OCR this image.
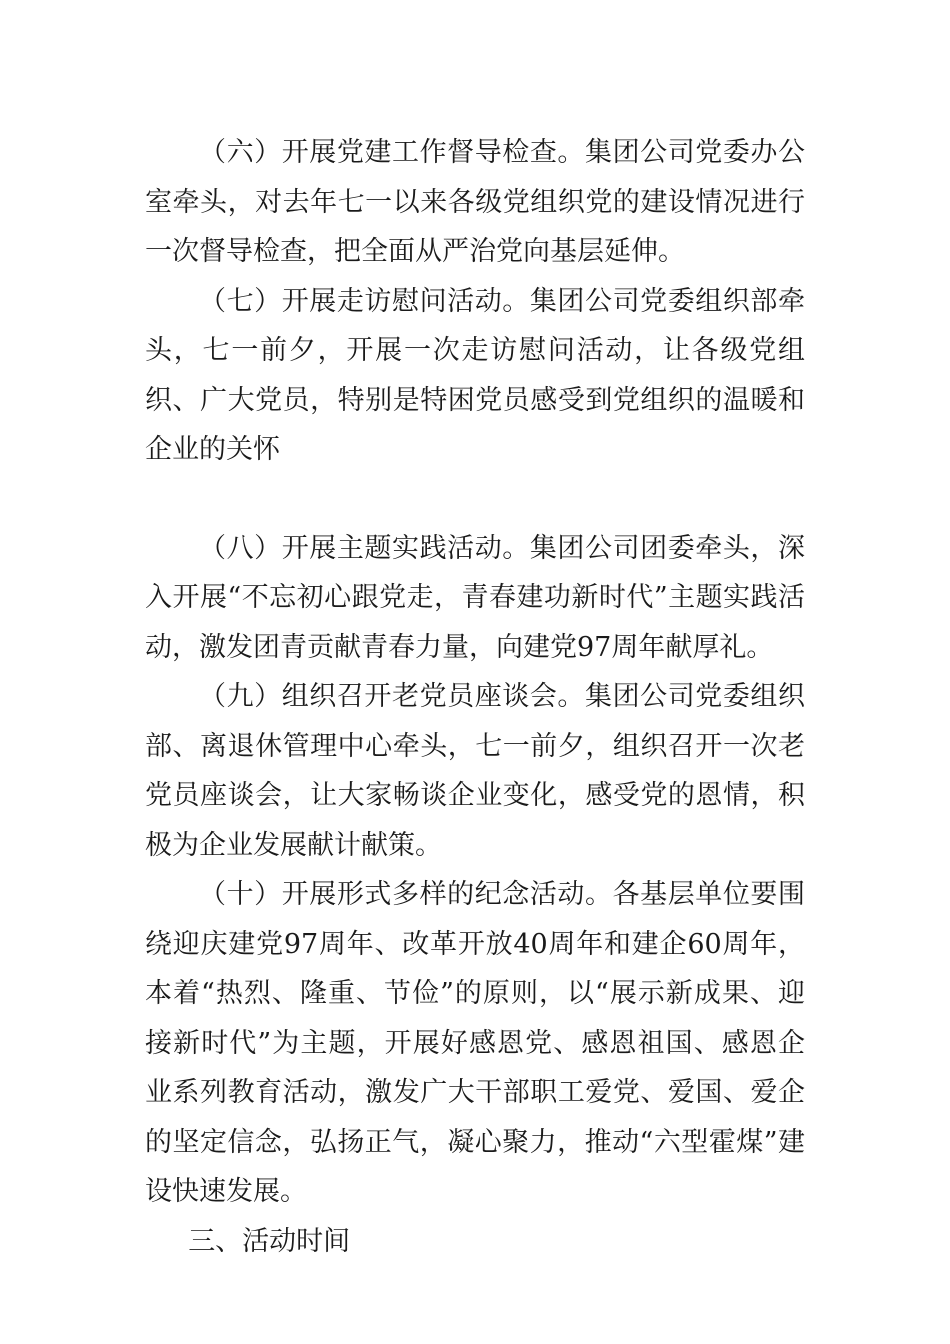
（六）开展党建工作督导检查。集团公司党委办公室牵头，对去年七一以来各级党组织党的建设情况进行一次督导检查，把全面从严治党向基层延伸。

（七）开展走访慰问活动。集团公司党委组织部牵头，七一前夕，开展一次走访慰问活动，让各级党组织、广大党员，特别是特困党员感受到党组织的温暖和企业的关怀

（八）开展主题实践活动。集团公司团委牵头，深入开展“不忘初心跟党走，青春建功新时代”主题实践活动，激发团青贡献青春力量，向建党97周年献厚礼。

（九）组织召开老党员座谈会。集团公司党委组织部、离退休管理中心牵头，七一前夕，组织召开一次老党员座谈会，让大家畅谈企业变化，感受党的恩情，积极为企业发展献计献策。

（十）开展形式多样的纪念活动。各基层单位要围绕迎庆建党97周年、改革开放40周年和建企60周年，本着“热烈、隆重、节俭”的原则，以“展示新成果、迎接新时代”为主题，开展好感恩党、感恩祖国、感恩企业系列教育活动，激发广大干部职工爱党、爱国、爱企的坚定信念，弘扬正气，凝心聚力，推动“六型霍煤”建设快速发展。

三、活动时间
